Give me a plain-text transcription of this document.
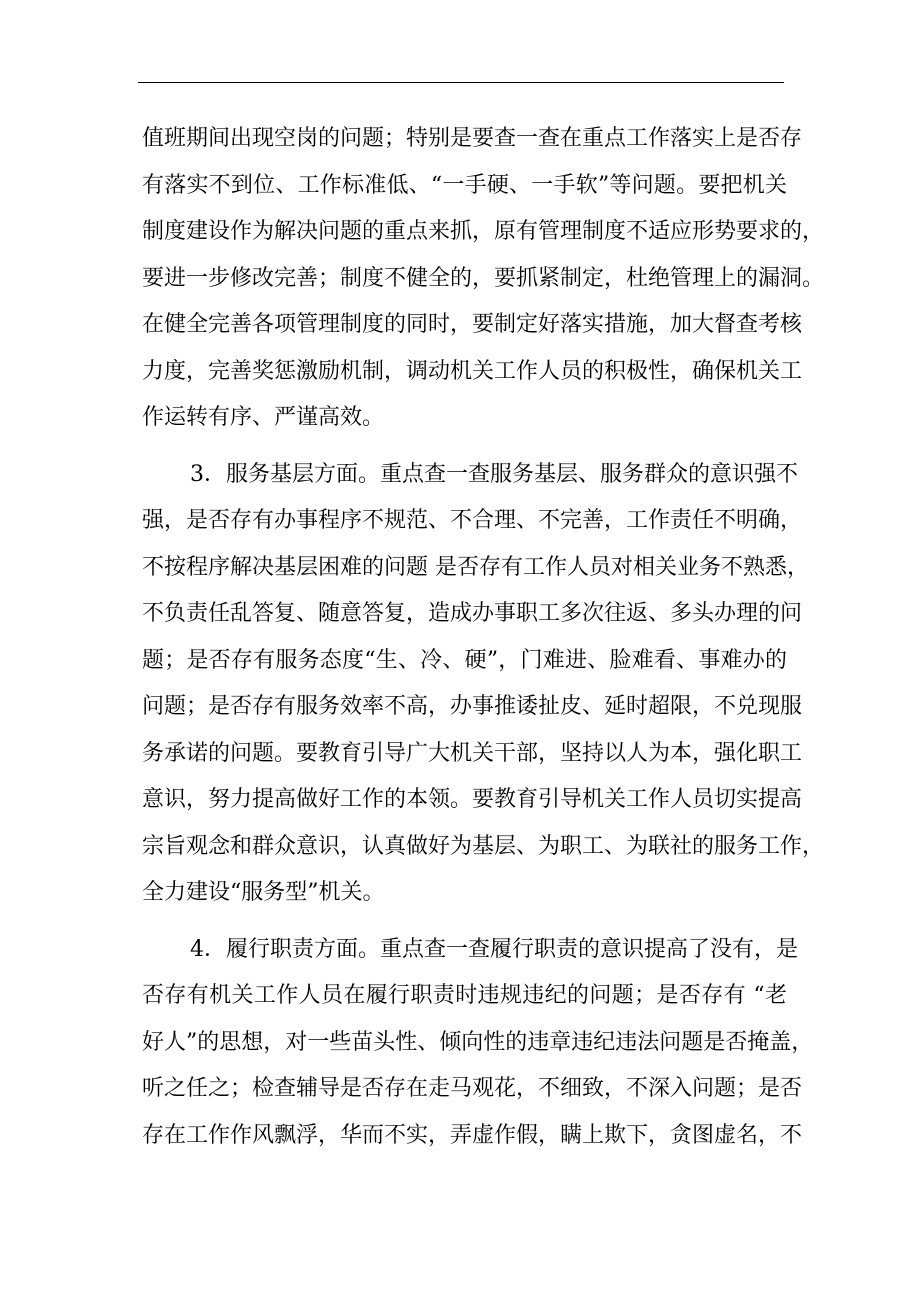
值班期间出现空岗的问题；特别是要查一查在重点工作落实上是否存
有落实不到位、工作标准低、“一手硬、一手软”等问题。要把机关
制度建设作为解决问题的重点来抓，原有管理制度不适应形势要求的，
要进一步修改完善；制度不健全的，要抓紧制定，杜绝管理上的漏洞。
在健全完善各项管理制度的同时，要制定好落实措施，加大督查考核
力度，完善奖惩激励机制，调动机关工作人员的积极性，确保机关工
作运转有序、严谨高效。
3．服务基层方面。重点查一查服务基层、服务群众的意识强不
强，是否存有办事程序不规范、不合理、不完善，工作责任不明确，
不按程序解决基层困难的问题 是否存有工作人员对相关业务不熟悉，
不负责任乱答复、随意答复，造成办事职工多次往返、多头办理的问
题；是否存有服务态度“生、冷、硬”，门难进、脸难看、事难办的
问题；是否存有服务效率不高，办事推诿扯皮、延时超限，不兑现服
务承诺的问题。要教育引导广大机关干部，坚持以人为本，强化职工
意识，努力提高做好工作的本领。要教育引导机关工作人员切实提高
宗旨观念和群众意识，认真做好为基层、为职工、为联社的服务工作，
全力建设“服务型”机关。
4．履行职责方面。重点查一查履行职责的意识提高了没有，是
否存有机关工作人员在履行职责时违规违纪的问题；是否存有 “老
好人”的思想，对一些苗头性、倾向性的违章违纪违法问题是否掩盖，
听之任之；检查辅导是否存在走马观花，不细致，不深入问题；是否
存在工作作风飘浮，华而不实，弄虚作假，瞒上欺下，贪图虚名，不
